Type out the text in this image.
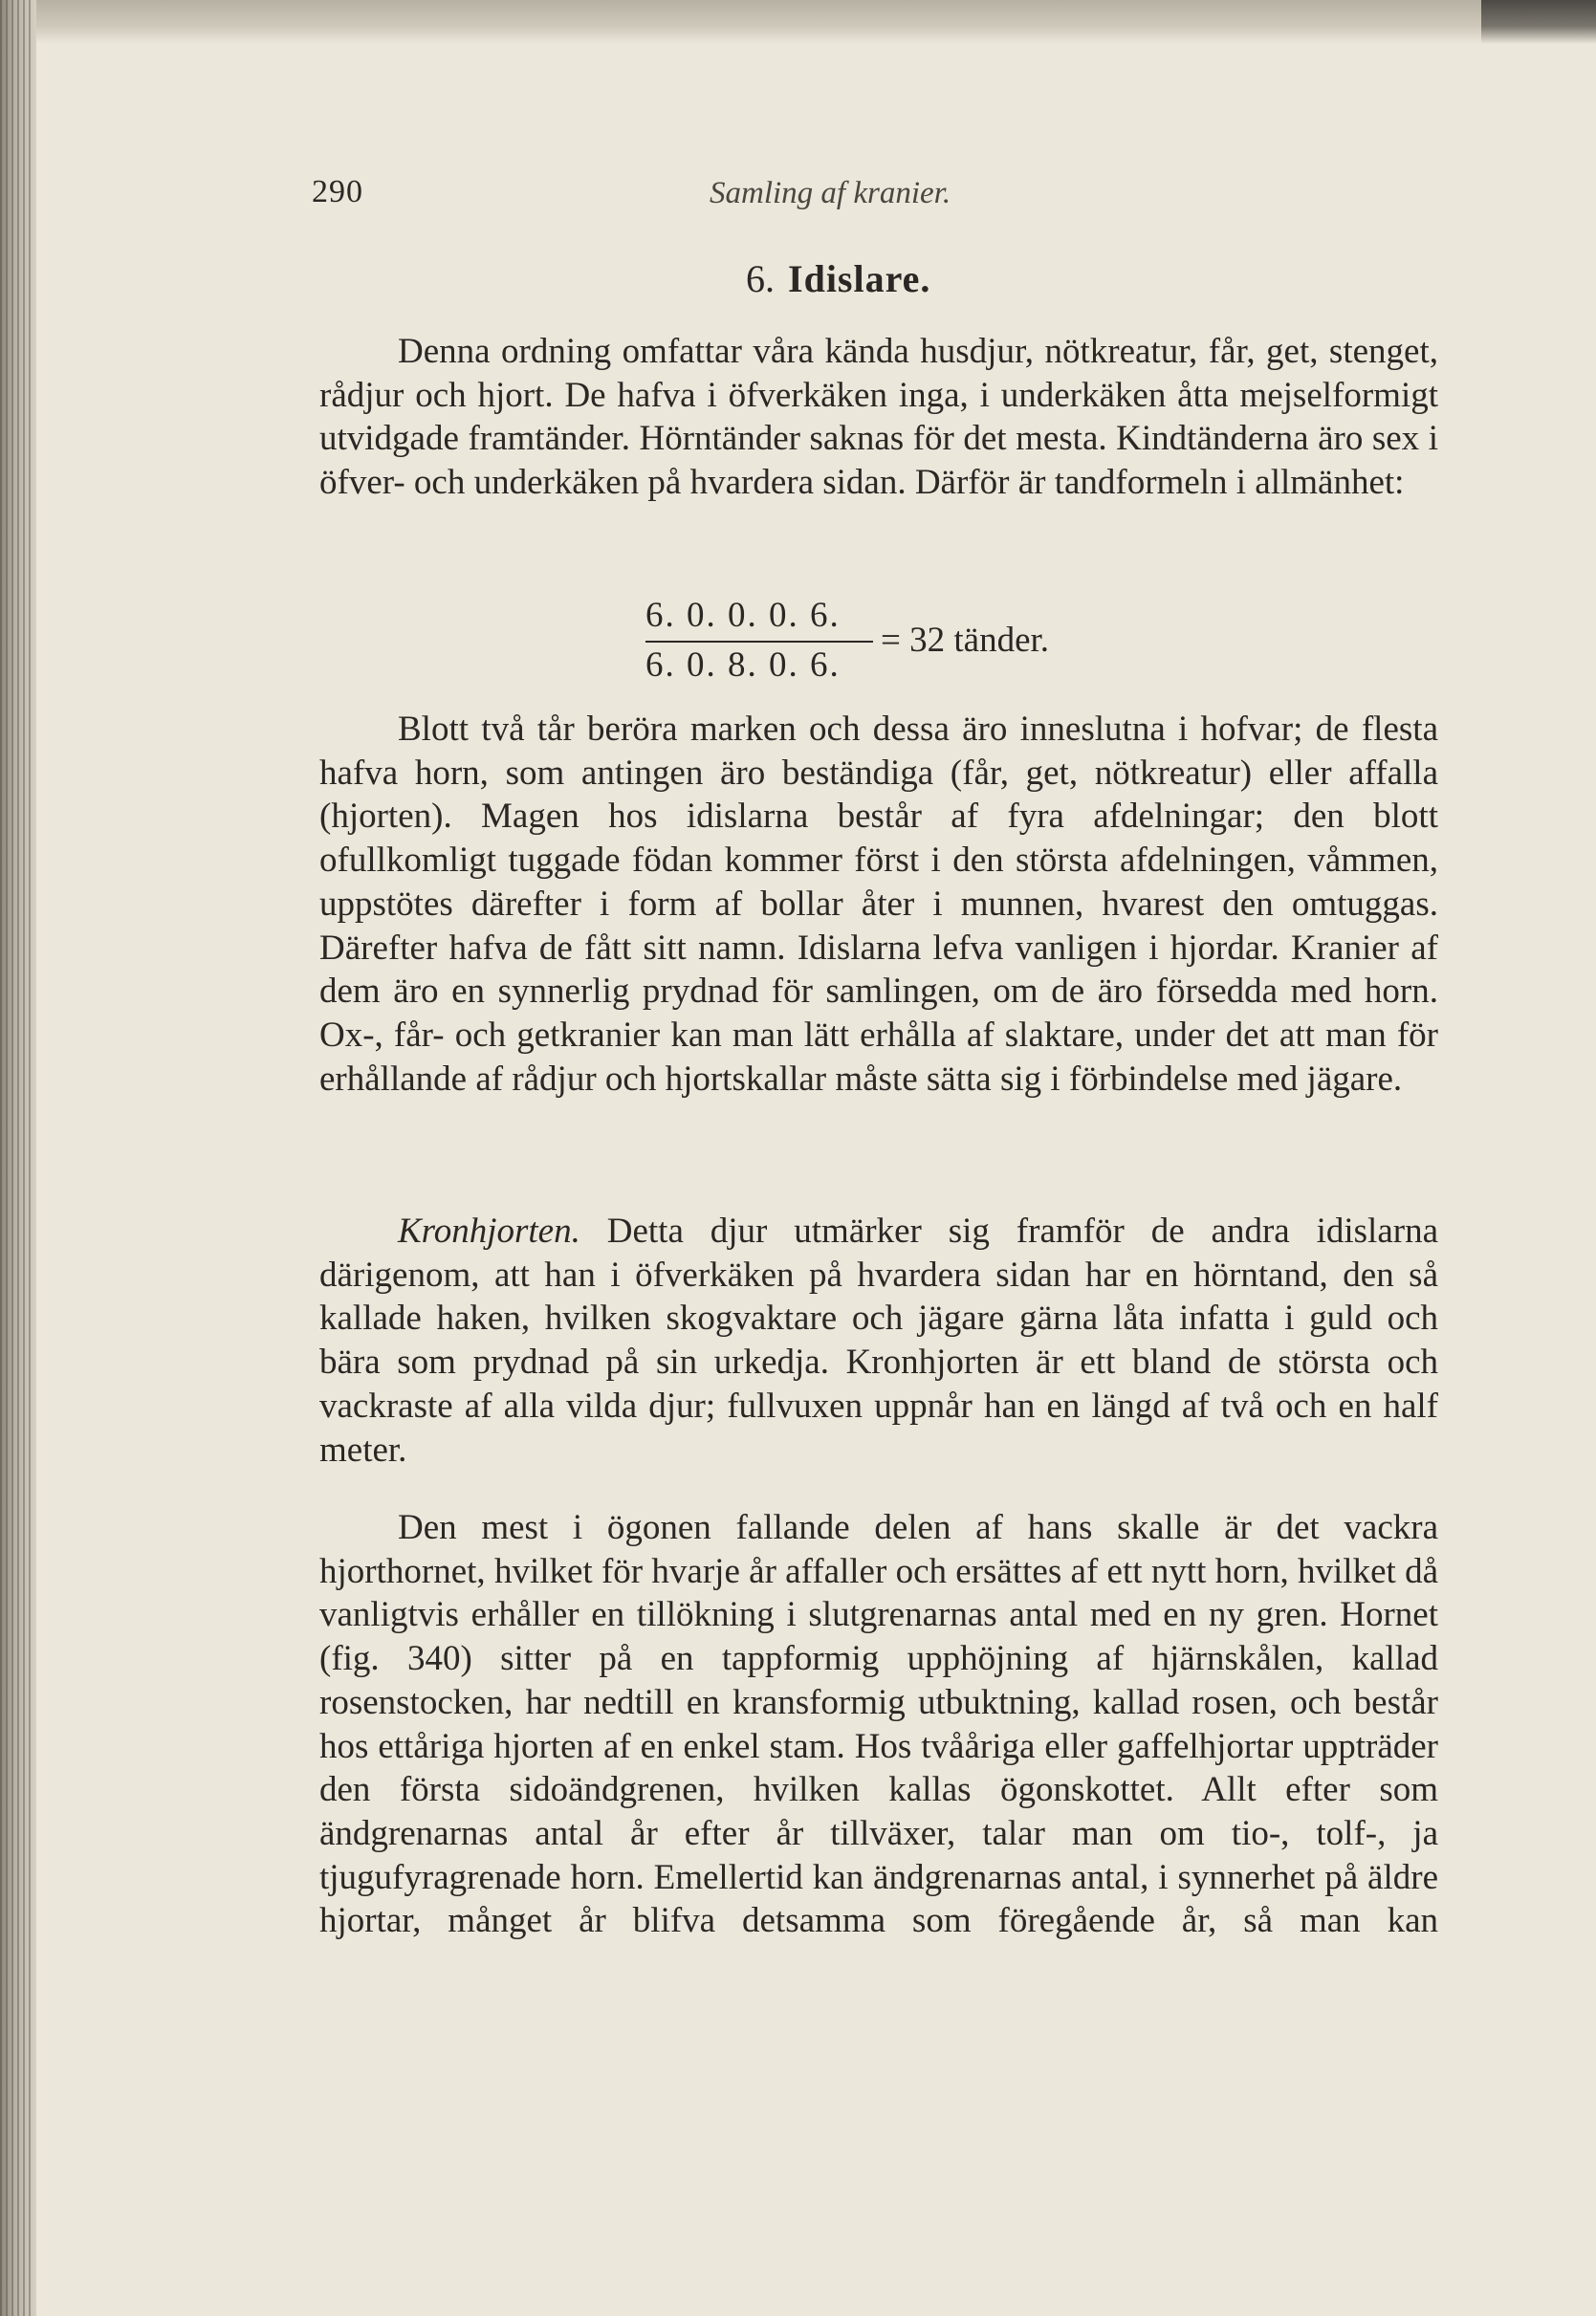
290	Samling af kranier.
6. Idislare.
Denna ordning omfattar våra kända husdjur, nötkreatur, får, get, stenget, rådjur och hjort. De hafva i öfverkäken inga, i underkäken åtta mejselformigt utvidgade framtänder. Hörntänder saknas för det mesta. Kindtänderna äro sex i öfver- och underkäken på hvardera sidan. Därför är tandformeln i allmänhet:
6. 0. 0. 0. 6.
6. 0. 8. 0. 6.
= 32 tänder.
Blott två tår beröra marken och dessa äro inneslutna i hofvar; de flesta hafva horn, som antingen äro beständiga (får, get, nötkreatur) eller affalla (hjorten). Magen hos idislarna består af fyra afdelningar; den blott ofullkomligt tuggade födan kommer först i den största afdelningen, våmmen, uppstötes därefter i form af bollar åter i munnen, hvarest den omtuggas. Därefter hafva de fått sitt namn. Idislarna lefva vanligen i hjordar. Kranier af dem äro en synnerlig prydnad för samlingen, om de äro försedda med horn. Ox-, får- och getkranier kan man lätt erhålla af slaktare, under det att man för erhållande af rådjur och hjortskallar måste sätta sig i förbindelse med jägare.
Kronhjorten. Detta djur utmärker sig framför de andra idislarna därigenom, att han i öfverkäken på hvardera sidan har en hörntand, den så kallade haken, hvilken skogvaktare och jägare gärna låta infatta i guld och bära som prydnad på sin urkedja. Kronhjorten är ett bland de största och vackraste af alla vilda djur; fullvuxen uppnår han en längd af två och en half meter.
Den mest i ögonen fallande delen af hans skalle är det vackra hjorthornet, hvilket för hvarje år affaller och ersättes af ett nytt horn, hvilket då vanligtvis erhåller en tillökning i slutgrenarnas antal med en ny gren. Hornet (fig. 340) sitter på en tappformig upphöjning af hjärnskålen, kallad rosenstocken, har nedtill en kransformig utbuktning, kallad rosen, och består hos ettåriga hjorten af en enkel stam. Hos tvååriga eller gaffelhjortar uppträder den första sidoändgrenen, hvilken kallas ögonskottet. Allt efter som ändgrenarnas antal år efter år tillväxer, talar man om tio-, tolf-, ja tjugufyragrenade horn. Emellertid kan ändgrenarnas antal, i synnerhet på äldre hjortar, månget år blifva detsamma som föregående år, så man kan
